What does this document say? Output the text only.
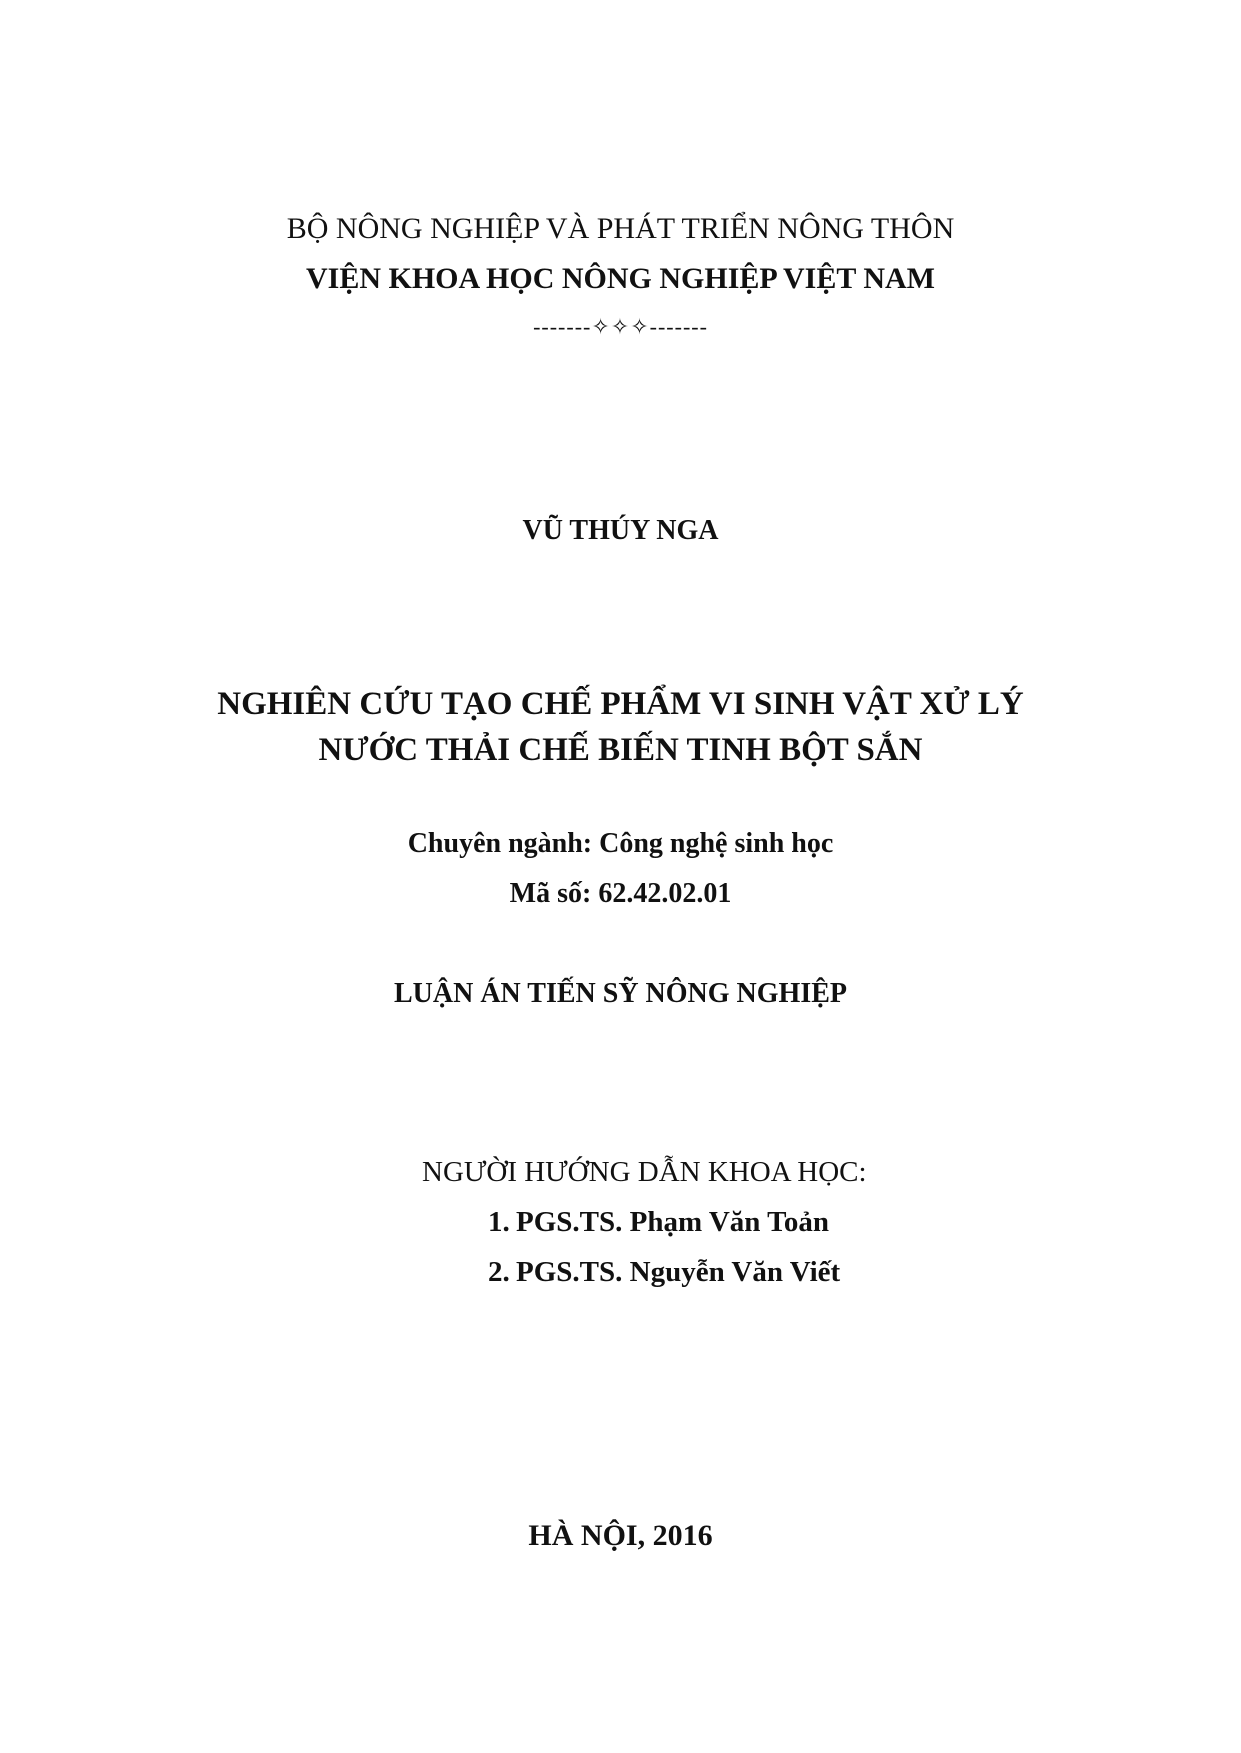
BỘ NÔNG NGHIỆP VÀ PHÁT TRIỂN NÔNG THÔN
VIỆN KHOA HỌC NÔNG NGHIỆP VIỆT NAM
-------✧✧✧-------
VŨ THÚY NGA
NGHIÊN CỨU TẠO CHẾ PHẨM VI SINH VẬT XỬ LÝ
NƯỚC THẢI CHẾ BIẾN TINH BỘT SẮN
Chuyên ngành: Công nghệ sinh học
Mã số: 62.42.02.01
LUẬN ÁN TIẾN SỸ NÔNG NGHIỆP
NGƯỜI HƯỚNG DẪN KHOA HỌC:
1. PGS.TS. Phạm Văn Toản
2. PGS.TS. Nguyễn Văn Viết
HÀ NỘI, 2016
